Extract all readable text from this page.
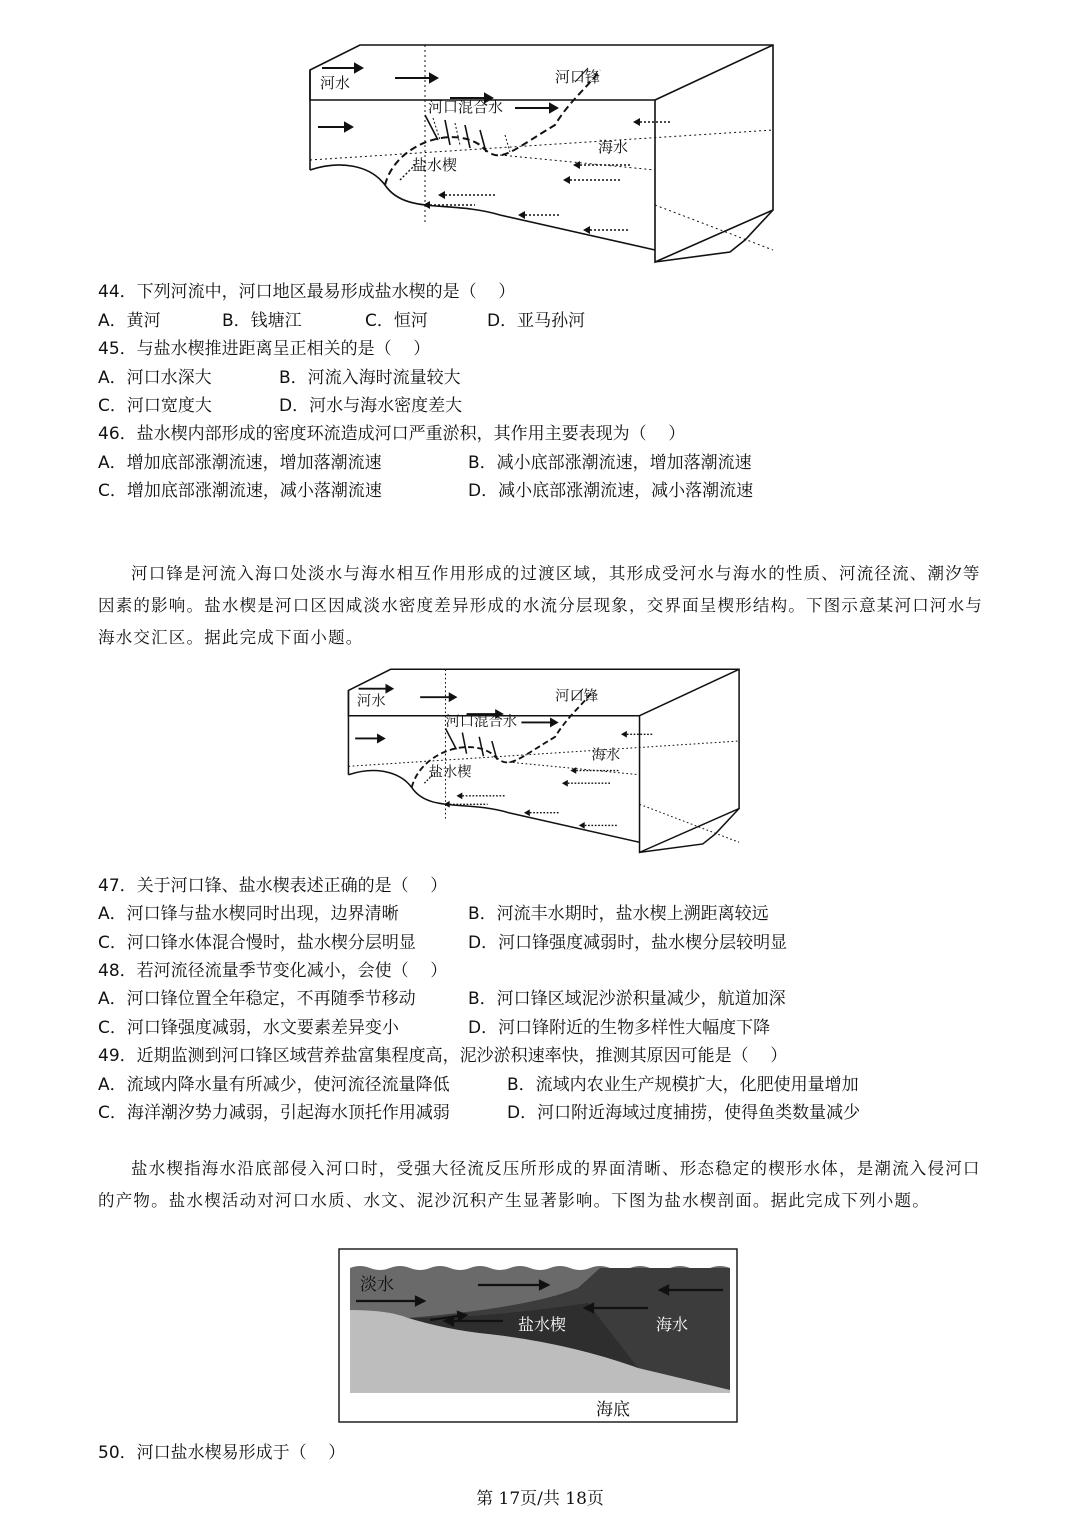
河水	河口锋
河口混合水
海水
盐水楔
44．下列河流中，河口地区最易形成盐水楔的是（    ）
A．黄河	B．钱塘江	C．恒河	D．亚马孙河
45．与盐水楔推进距离呈正相关的是（    ）
A．河口水深大	B．河流入海时流量较大
C．河口宽度大	D．河水与海水密度差大
46．盐水楔内部形成的密度环流造成河口严重淤积，其作用主要表现为（    ）
A．增加底部涨潮流速，增加落潮流速	B．减小底部涨潮流速，增加落潮流速
C．增加底部涨潮流速，减小落潮流速	D．减小底部涨潮流速，减小落潮流速
河口锋是河流入海口处淡水与海水相互作用形成的过渡区域，其形成受河水与海水的性质、河流径流、潮汐等因素的影响。盐水楔是河口区因咸淡水密度差异形成的水流分层现象，交界面呈楔形结构。下图示意某河口河水与海水交汇区。据此完成下面小题。
河水	河口锋
河口混合水
海水
盐水楔
47．关于河口锋、盐水楔表述正确的是（    ）
A．河口锋与盐水楔同时出现，边界清晰	B．河流丰水期时，盐水楔上溯距离较远
C．河口锋水体混合慢时，盐水楔分层明显	D．河口锋强度减弱时，盐水楔分层较明显
48．若河流径流量季节变化减小，会使（    ）
A．河口锋位置全年稳定，不再随季节移动	B．河口锋区域泥沙淤积量减少，航道加深
C．河口锋强度减弱，水文要素差异变小	D．河口锋附近的生物多样性大幅度下降
49．近期监测到河口锋区域营养盐富集程度高，泥沙淤积速率快，推测其原因可能是（    ）
A．流域内降水量有所减少，使河流径流量降低	B．流域内农业生产规模扩大，化肥使用量增加
C．海洋潮汐势力减弱，引起海水顶托作用减弱	D．河口附近海域过度捕捞，使得鱼类数量减少
盐水楔指海水沿底部侵入河口时，受强大径流反压所形成的界面清晰、形态稳定的楔形水体，是潮流入侵河口的产物。盐水楔活动对河口水质、水文、泥沙沉积产生显著影响。下图为盐水楔剖面。据此完成下列小题。
淡水
盐水楔	海水
海底
50．河口盐水楔易形成于（    ）
第 17页/共 18页
